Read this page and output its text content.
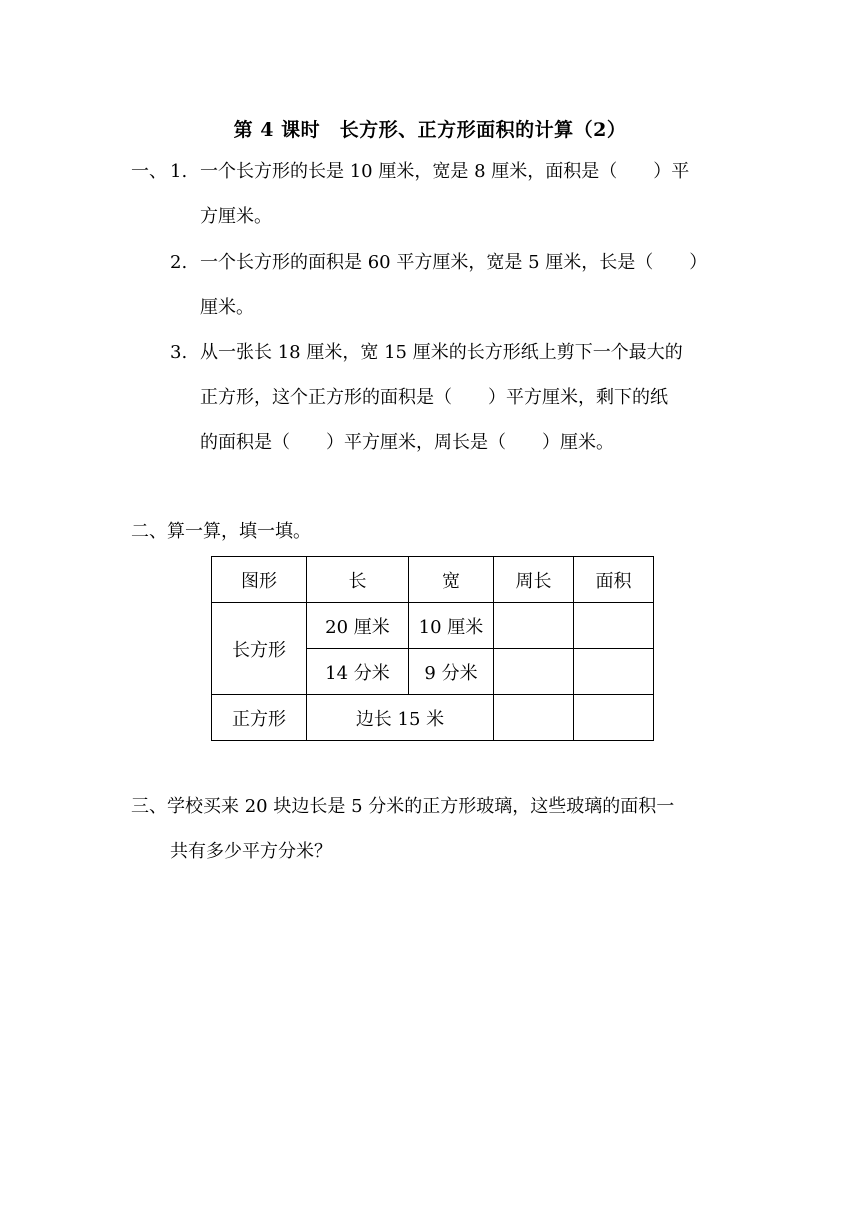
第 4 课时　长方形、正方形面积的计算（2）
一、 1. 一个长方形的长是 10 厘米，宽是 8 厘米，面积是（　　）平
方厘米。
2. 一个长方形的面积是 60 平方厘米，宽是 5 厘米，长是（　　）
厘米。
3. 从一张长 18 厘米，宽 15 厘米的长方形纸上剪下一个最大的
正方形，这个正方形的面积是（　　）平方厘米，剩下的纸
的面积是（　　）平方厘米，周长是（　　）厘米。
二、算一算，填一填。
图形	长	宽	周长	面积
长方形	20 厘米	10 厘米		
	14 分米	9 分米		
正方形	边长 15 米			
三、学校买来 20 块边长是 5 分米的正方形玻璃，这些玻璃的面积一
共有多少平方分米？
